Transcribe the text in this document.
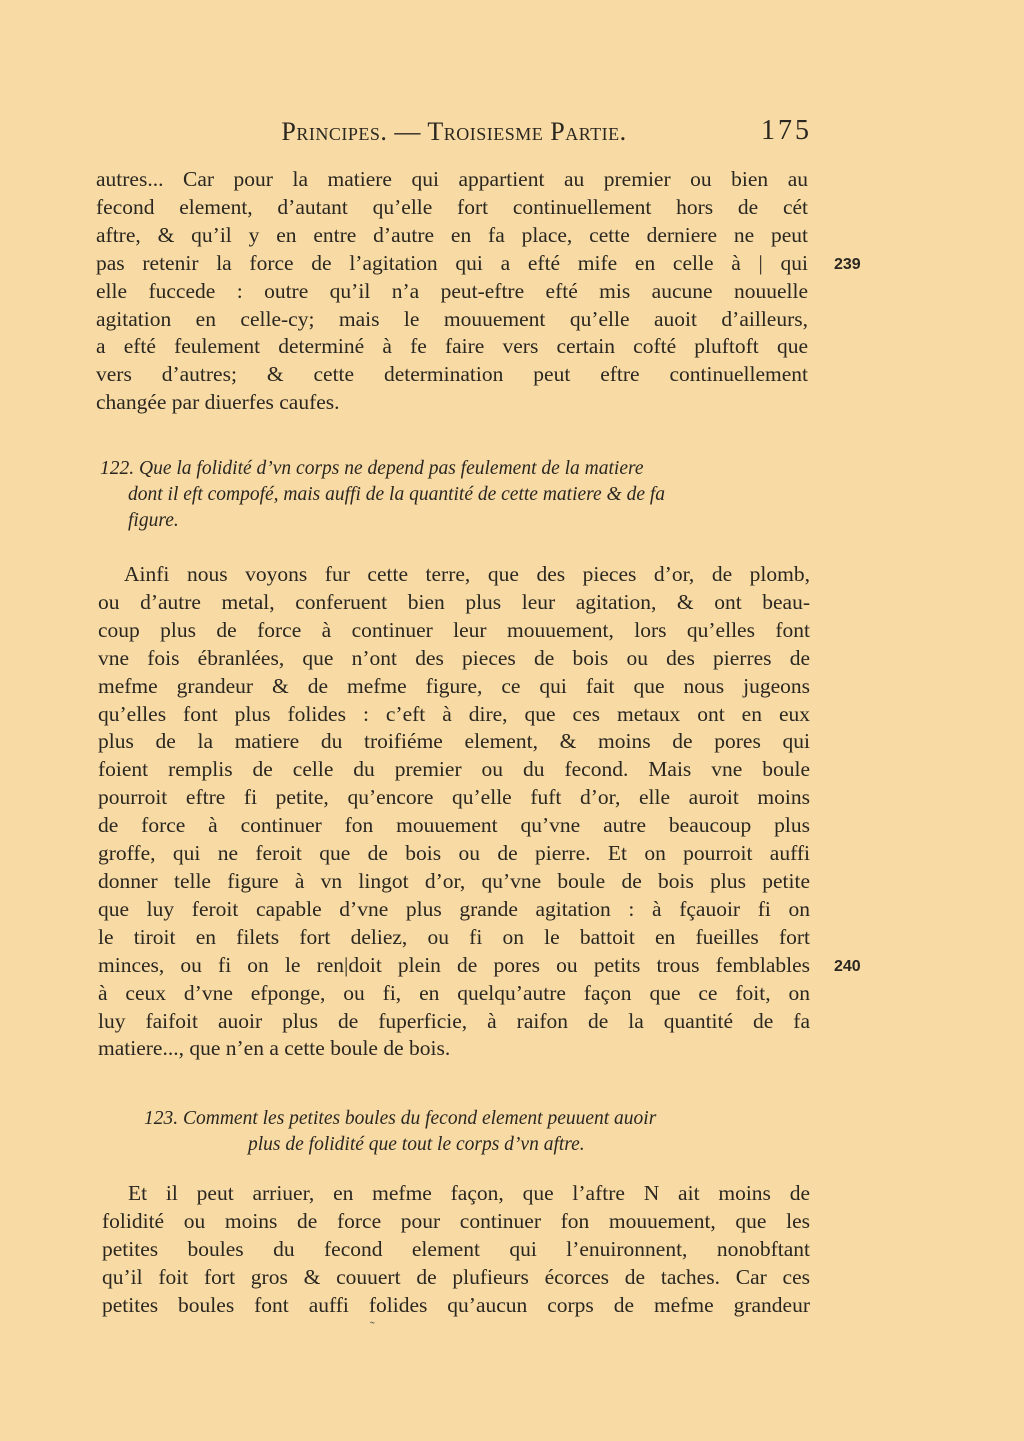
Principes. — Troisiesme Partie.	175
autres... Car pour la matiere qui appartient au premier ou bien au
fecond element, d’autant qu’elle fort continuellement hors de cét
aftre, & qu’il y en entre d’autre en fa place, cette derniere ne peut
pas retenir la force de l’agitation qui a efté mife en celle à | qui
elle fuccede : outre qu’il n’a peut-eftre efté mis aucune nouuelle
agitation en celle-cy; mais le mouuement qu’elle auoit d’ailleurs,
a efté feulement determiné à fe faire vers certain cofté pluftoft que
vers d’autres; & cette determination peut eftre continuellement
changée par diuerfes caufes.
239
122. Que la folidité d’vn corps ne depend pas feulement de la matiere
dont il eft compofé, mais auffi de la quantité de cette matiere & de fa
figure.
Ainfi nous voyons fur cette terre, que des pieces d’or, de plomb,
ou d’autre metal, conferuent bien plus leur agitation, & ont beau-
coup plus de force à continuer leur mouuement, lors qu’elles font
vne fois ébranlées, que n’ont des pieces de bois ou des pierres de
mefme grandeur & de mefme figure, ce qui fait que nous jugeons
qu’elles font plus folides : c’eft à dire, que ces metaux ont en eux
plus de la matiere du troifiéme element, & moins de pores qui
foient remplis de celle du premier ou du fecond. Mais vne boule
pourroit eftre fi petite, qu’encore qu’elle fuft d’or, elle auroit moins
de force à continuer fon mouuement qu’vne autre beaucoup plus
groffe, qui ne feroit que de bois ou de pierre. Et on pourroit auffi
donner telle figure à vn lingot d’or, qu’vne boule de bois plus petite
que luy feroit capable d’vne plus grande agitation : à fçauoir fi on
le tiroit en filets fort deliez, ou fi on le battoit en fueilles fort
minces, ou fi on le ren|doit plein de pores ou petits trous femblables
à ceux d’vne efponge, ou fi, en quelqu’autre façon que ce foit, on
luy faifoit auoir plus de fuperficie, à raifon de la quantité de fa
matiere..., que n’en a cette boule de bois.
240
123. Comment les petites boules du fecond element peuuent auoir
plus de folidité que tout le corps d’vn aftre.
Et il peut arriuer, en mefme façon, que l’aftre N ait moins de
folidité ou moins de force pour continuer fon mouuement, que les
petites boules du fecond element qui l’enuironnent, nonobftant
qu’il foit fort gros & couuert de plufieurs écorces de taches. Car ces
petites boules font auffi folides qu’aucun corps de mefme grandeur
˜
